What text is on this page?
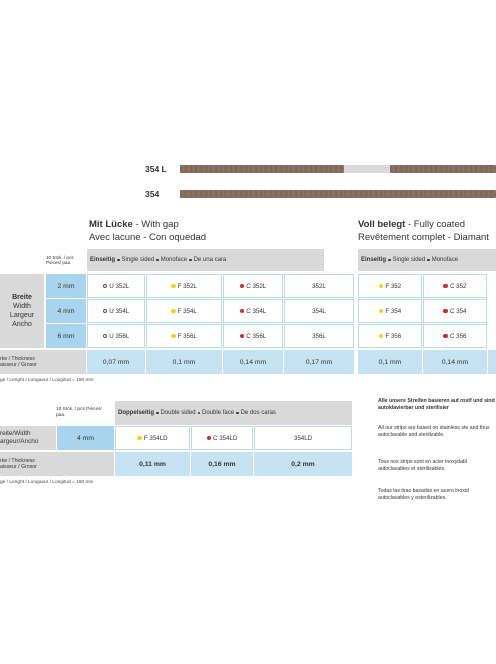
354 L
354
Mit Lücke - With gap
Avec lacune - Con oquedad
Voll belegt - Fully coated
Revêtement complet - Diamant
10 Stck. / pcs Pièces/ paa.	Einseitig Single sided Monoface De una cara
Breite
Width
Largeur
Ancho
2 mm	U 352L	F 352L	C 352L	352L
4 mm	U 354L	F 354L	C 354L	354L
6 mm	U 356L	F 356L	C 356L	356L
rke / Thickness
aisseur / Grosor	0,07 mm	0,1 mm	0,14 mm	0,17 mm
ge / Lenght / Longueur / Longitud = 150 mm
Einseitig Single sided Monoface
F 352	C 352
F 354	C 354
F 356	C 356
0,1 mm	0,14 mm
10 Stck. / pcs Pièces/ paa.	Doppelseitig Double sided Double face De dos caras
reite/Width argeur/Ancho	4 mm	F 354LD	C 354LD	354LD
rke / Thickness
aisseur / Grosor	0,11 mm	0,16 mm	0,2 mm
ge / Lenght / Longueur / Longitud = 150 mm
Alle unsere Streifen basieren auf rostf und sind autoklavierbar und sterilisier
All our strips are based on stainless ste and thus autoclavable and sterilizable.
Tous nos strips sont en acier inoxydabl autoclavables et stérilisables.
Todas las tiras basadas en acero inoxid autoclavables y esterilizables.
